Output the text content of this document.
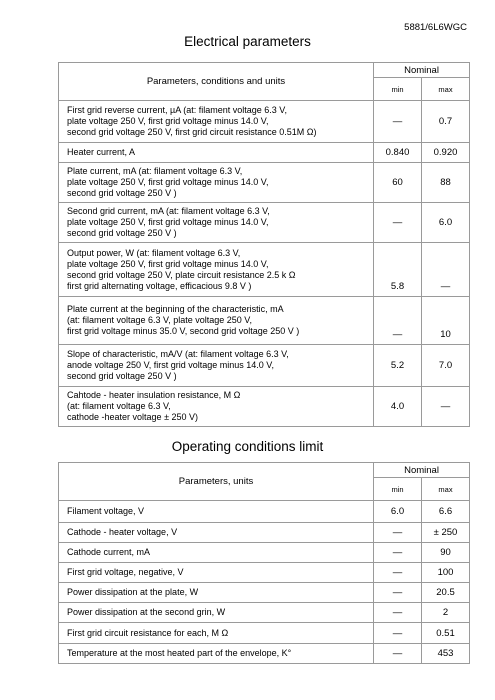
5881/6L6WGC
Electrical parameters
Parameters, conditions and units	Nominal	
	min	max

First grid reverse current, µA (at: filament voltage 6.3 V,
plate voltage 250 V, first grid voltage minus 14.0 V,
second grid voltage 250 V, first grid circuit resistance 0.51M Ω)	—	0.7

Heater current, A	0.840	0.920

Plate current, mA (at: filament voltage 6.3 V,
plate voltage 250 V, first grid voltage minus 14.0 V,
second grid voltage 250 V )	60	88

Second grid current, mA (at: filament voltage 6.3 V,
plate voltage 250 V, first grid voltage minus 14.0 V,
second grid voltage 250 V )	—	6.0

Output power, W (at: filament voltage 6.3 V,
plate voltage 250 V, first grid voltage minus 14.0 V,
second grid voltage 250 V, plate circuit resistance 2.5 k Ω
first grid alternating voltage, efficacious 9.8 V )	5.8	—

Plate current at the beginning of the characteristic, mA
(at: filament voltage 6.3 V, plate voltage 250 V,
first grid voltage minus 35.0 V, second grid voltage 250 V )	—	10

Slope of characteristic, mA/V (at: filament voltage 6.3 V,
anode voltage 250 V, first grid voltage minus 14.0 V,
second grid voltage 250 V )	5.2	7.0

Cahtode - heater insulation resistance, M Ω
(at: filament voltage 6.3 V,
cathode -heater voltage ± 250 V)	4.0	—
Operating conditions limit
Parameters, units	Nominal	
	min	max
Filament voltage, V	6.0	6.6
Cathode - heater voltage, V	—	± 250
Cathode current, mA	—	90
First grid voltage, negative, V	—	100
Power dissipation at the plate, W	—	20.5
Power dissipation at the second grin, W	—	2
First grid circuit resistance for each, M Ω	—	0.51
Temperature at the most heated part of the envelope, K°	—	453
